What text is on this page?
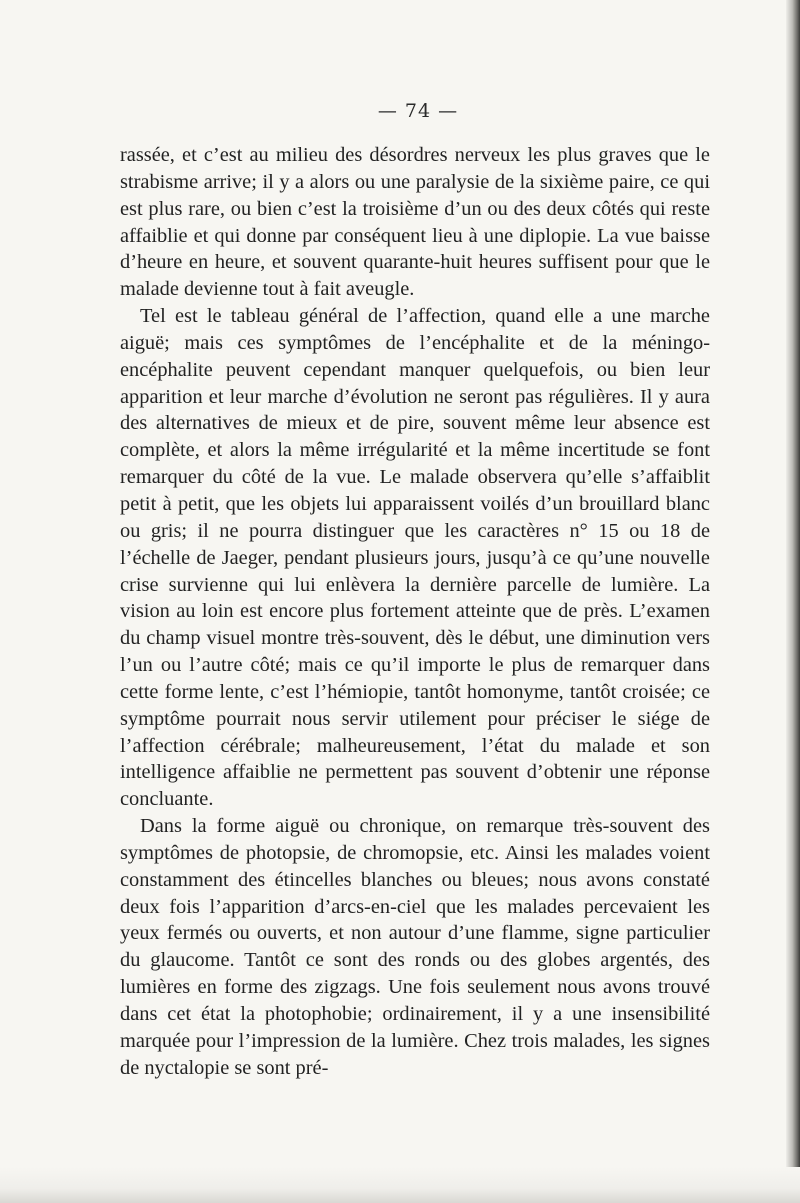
— 74 —

rassée, et c’est au milieu des désordres nerveux les plus graves que le strabisme arrive; il y a alors ou une paralysie de la sixième paire, ce qui est plus rare, ou bien c’est la troisième d’un ou des deux côtés qui reste affaiblie et qui donne par conséquent lieu à une diplopie. La vue baisse d’heure en heure, et souvent quarante-huit heures suffisent pour que le malade devienne tout à fait aveugle.

Tel est le tableau général de l’affection, quand elle a une marche aiguë; mais ces symptômes de l’encéphalite et de la méningo-encéphalite peuvent cependant manquer quelquefois, ou bien leur apparition et leur marche d’évolution ne seront pas régulières. Il y aura des alternatives de mieux et de pire, souvent même leur absence est complète, et alors la même irrégularité et la même incertitude se font remarquer du côté de la vue. Le malade observera qu’elle s’affaiblit petit à petit, que les objets lui apparaissent voilés d’un brouillard blanc ou gris; il ne pourra distinguer que les caractères n° 15 ou 18 de l’échelle de Jaeger, pendant plusieurs jours, jusqu’à ce qu’une nouvelle crise survienne qui lui enlèvera la dernière parcelle de lumière. La vision au loin est encore plus fortement atteinte que de près. L’examen du champ visuel montre très-souvent, dès le début, une diminution vers l’un ou l’autre côté; mais ce qu’il importe le plus de remarquer dans cette forme lente, c’est l’hémiopie, tantôt homonyme, tantôt croisée; ce symptôme pourrait nous servir utilement pour préciser le siége de l’affection cérébrale; malheureusement, l’état du malade et son intelligence affaiblie ne permettent pas souvent d’obtenir une réponse concluante.

Dans la forme aiguë ou chronique, on remarque très-souvent des symptômes de photopsie, de chromopsie, etc. Ainsi les malades voient constamment des étincelles blanches ou bleues; nous avons constaté deux fois l’apparition d’arcs-en-ciel que les malades percevaient les yeux fermés ou ouverts, et non autour d’une flamme, signe particulier du glaucome. Tantôt ce sont des ronds ou des globes argentés, des lumières en forme des zigzags. Une fois seulement nous avons trouvé dans cet état la photophobie; ordinairement, il y a une insensibilité marquée pour l’impression de la lumière. Chez trois malades, les signes de nyctalopie se sont pré-
